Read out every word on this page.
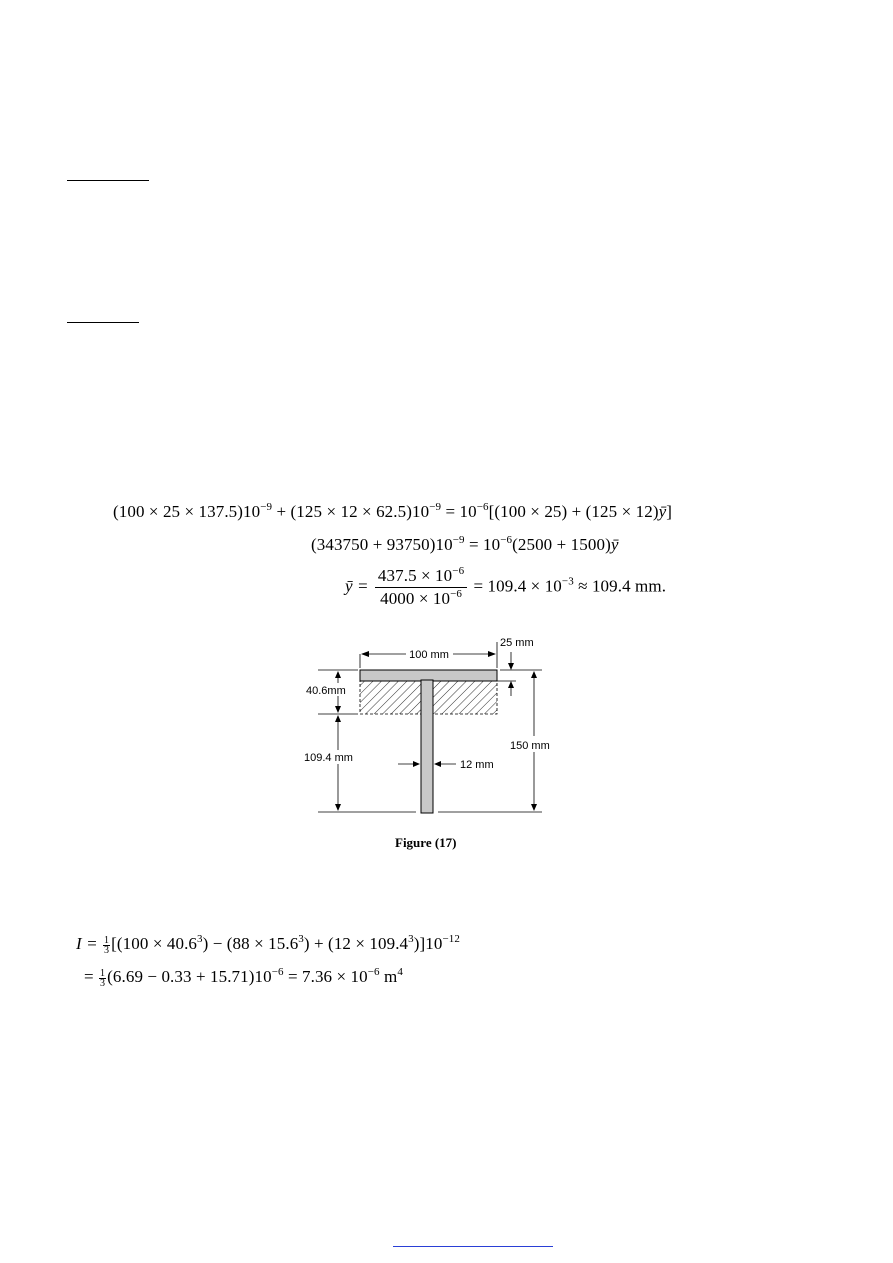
$(100 \times 25 \times 137.5)10^{-9} + (125 \times 12 \times 62.5)10^{-9} = 10^{-6}[(100 \times 25) + (125$ × 12)ȳ]
$(343750 + 93750)10^{-9} = 10^{-6}(2500$ + 1500)ȳ
ȳ = $\frac{437.5 \times 10^{-6}}{4000 \times 10^{-6}} = 109.4 \times 10^{-3} \approx 109.4$ mm.
100 mm
25 mm
40.6mm
109.4 mm
12 mm
150 mm
Figure (17)
$I = \frac{1}{3} [(100 \times 40.6^3) - (88 \times 15.6^3) + (12 \times 109.4^3)]10^{-12}$
= $\frac{1}{3} (6.69 - 0.33 + 15.71)10^{-6} = 7.36 \times 10^{-6}$ $m^4$
